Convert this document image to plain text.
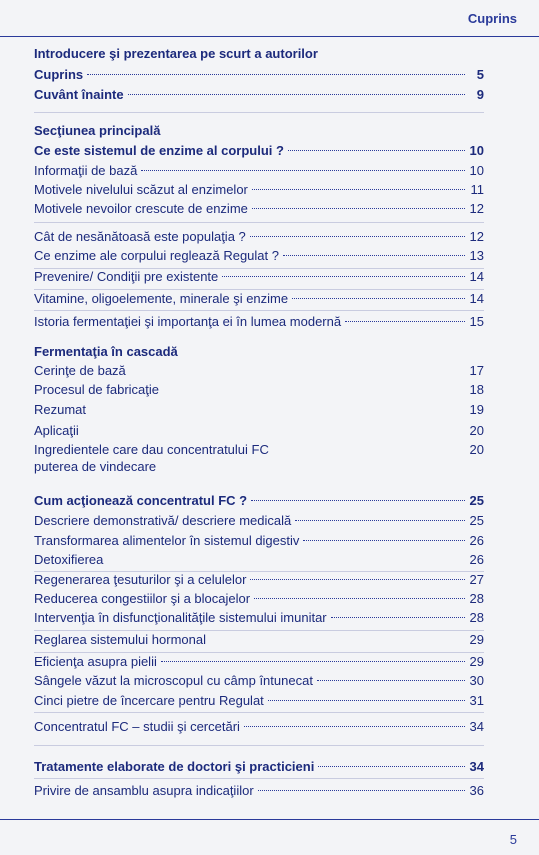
Cuprins
Introducere şi prezentarea pe scurt a autorilor
Cuprins	5
Cuvânt înainte	9
Secţiunea principală
Ce este sistemul de enzime al corpului ?	10
Informaţii de bază	10
Motivele nivelului scăzut al enzimelor	11
Motivele nevoilor crescute de enzime	12
Cât de nesănătoasă este populaţia ?	12
Ce enzime ale corpului reglează Regulat ?	13
Prevenire/ Condiţii pre existente	14
Vitamine, oligoelemente, minerale şi enzime	14
Istoria fermentaţiei şi importanţa ei în lumea modernă	15
Fermentaţia în cascadă
Cerinţe de bază	17
Procesul de fabricaţie	18
Rezumat	19
Aplicaţii	20
Ingredientele care dau concentratului FC	20
puterea de vindecare
Cum acţionează concentratul FC ?	25
Descriere demonstrativă/ descriere medicală	25
Transformarea alimentelor în sistemul digestiv	26
Detoxifierea	26
Regenerarea ţesuturilor şi a celulelor	27
Reducerea congestiilor şi a blocajelor	28
Intervenţia în disfuncţionalităţile sistemului imunitar	28
Reglarea sistemului hormonal	29
Eficienţa asupra pielii	29
Sângele văzut la microscopul cu câmp întunecat	30
Cinci pietre de încercare pentru Regulat	31
Concentratul FC – studii şi cercetări	34
Tratamente elaborate de doctori şi practicieni	34
Privire de ansamblu asupra indicaţiilor	36
5
